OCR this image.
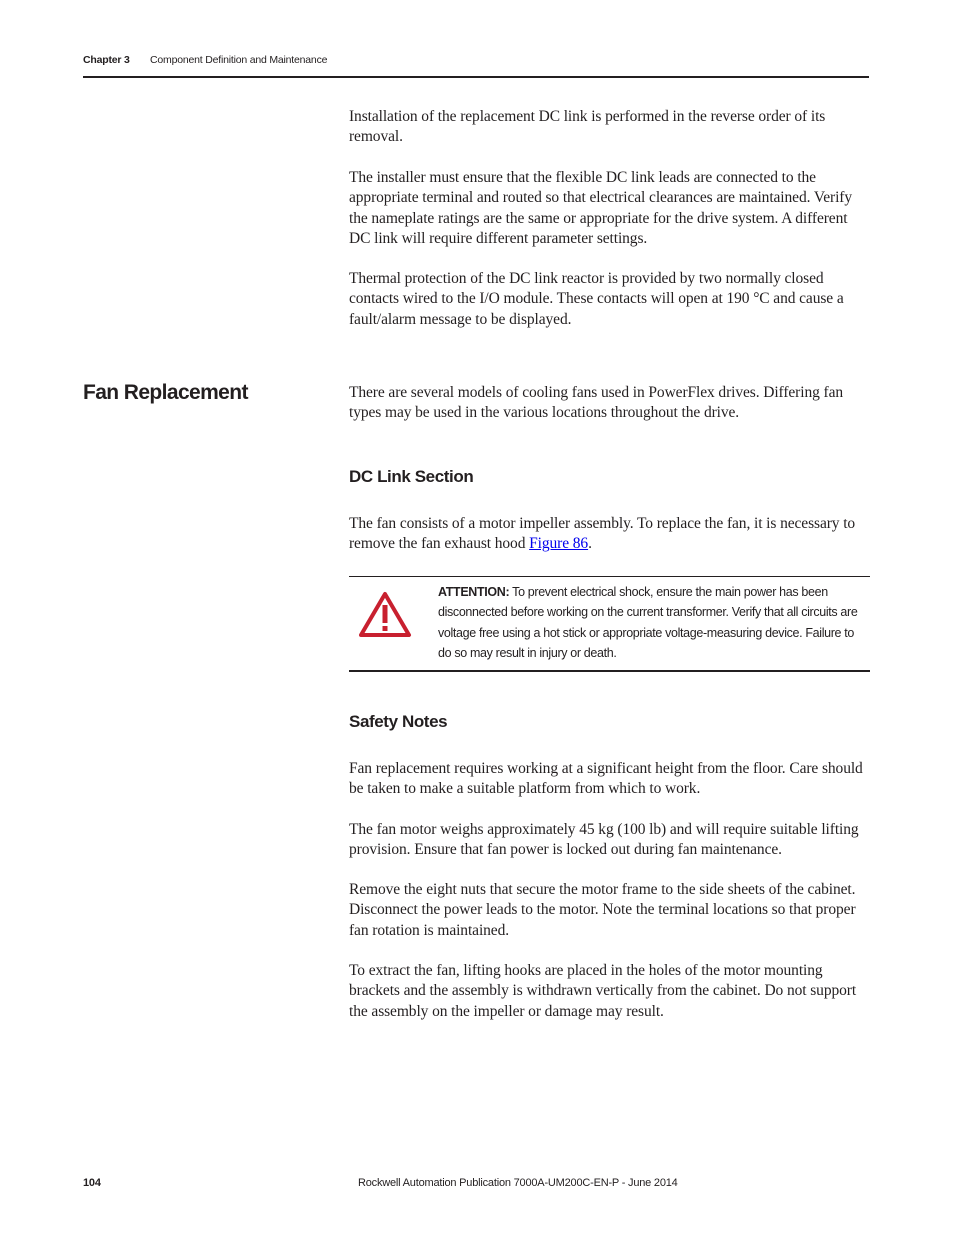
Chapter 3 Component Definition and Maintenance

Installation of the replacement DC link is performed in the reverse order of its removal.

The installer must ensure that the flexible DC link leads are connected to the appropriate terminal and routed so that electrical clearances are maintained. Verify the nameplate ratings are the same or appropriate for the drive system. A different DC link will require different parameter settings.

Thermal protection of the DC link reactor is provided by two normally closed contacts wired to the I/O module. These contacts will open at 190 °C and cause a fault/alarm message to be displayed.

Fan Replacement	There are several models of cooling fans used in PowerFlex drives. Differing fan types may be used in the various locations throughout the drive.

DC Link Section

The fan consists of a motor impeller assembly. To replace the fan, it is necessary to remove the fan exhaust hood Figure 86.

ATTENTION: To prevent electrical shock, ensure the main power has been disconnected before working on the current transformer. Verify that all circuits are voltage free using a hot stick or appropriate voltage-measuring device. Failure to do so may result in injury or death.
Safety Notes

Fan replacement requires working at a significant height from the floor. Care should be taken to make a suitable platform from which to work.

The fan motor weighs approximately 45 kg (100 lb) and will require suitable lifting provision. Ensure that fan power is locked out during fan maintenance.

Remove the eight nuts that secure the motor frame to the side sheets of the cabinet. Disconnect the power leads to the motor. Note the terminal locations so that proper fan rotation is maintained.

To extract the fan, lifting hooks are placed in the holes of the motor mounting brackets and the assembly is withdrawn vertically from the cabinet. Do not support the assembly on the impeller or damage may result.

104	Rockwell Automation Publication 7000A-UM200C-EN-P - June 2014
